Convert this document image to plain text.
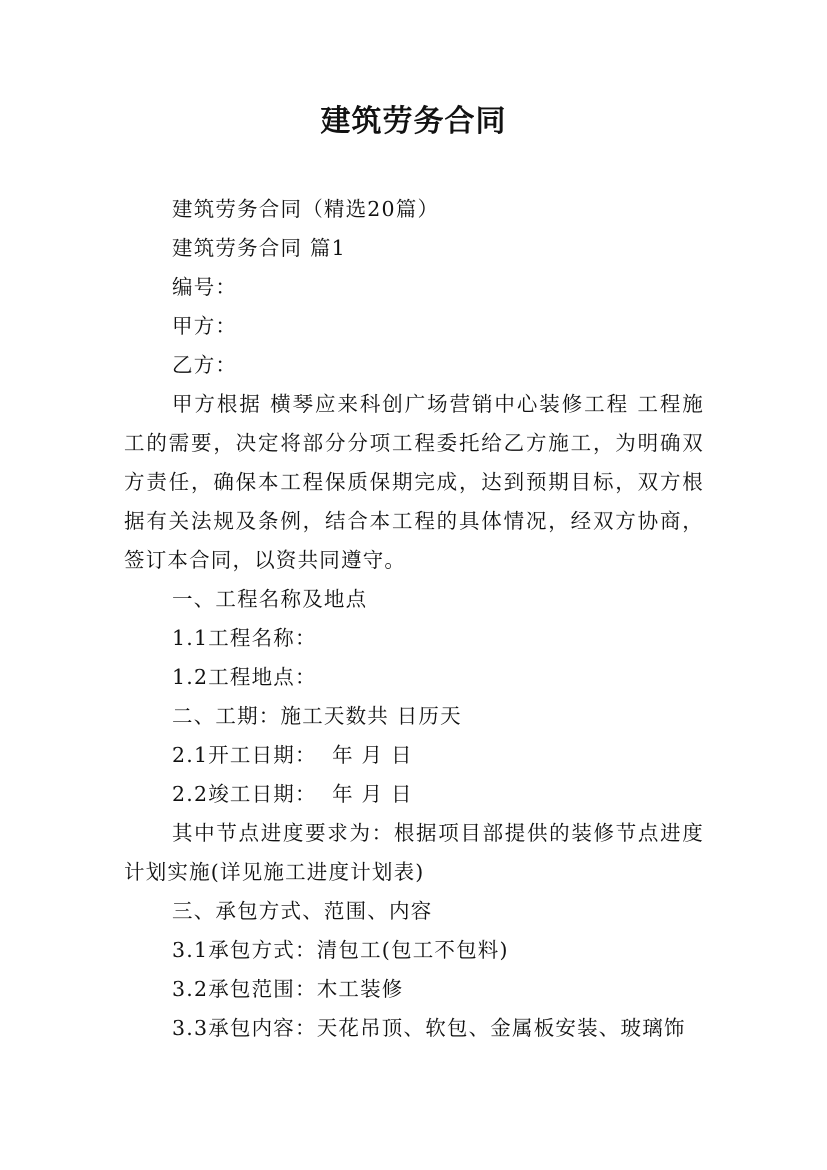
建筑劳务合同
建筑劳务合同（精选20篇）
建筑劳务合同 篇1
编号：
甲方：
乙方：
甲方根据 横琴应来科创广场营销中心装修工程 工程施工的需要，决定将部分分项工程委托给乙方施工，为明确双方责任，确保本工程保质保期完成，达到预期目标，双方根据有关法规及条例，结合本工程的具体情况，经双方协商，签订本合同，以资共同遵守。
一、工程名称及地点
1.1工程名称：
1.2工程地点：
二、工期：施工天数共 日历天
2.1开工日期：  年 月 日
2.2竣工日期：  年 月 日
其中节点进度要求为：根据项目部提供的装修节点进度计划实施(详见施工进度计划表)
三、承包方式、范围、内容
3.1承包方式：清包工(包工不包料)
3.2承包范围：木工装修
3.3承包内容：天花吊顶、软包、金属板安装、玻璃饰
